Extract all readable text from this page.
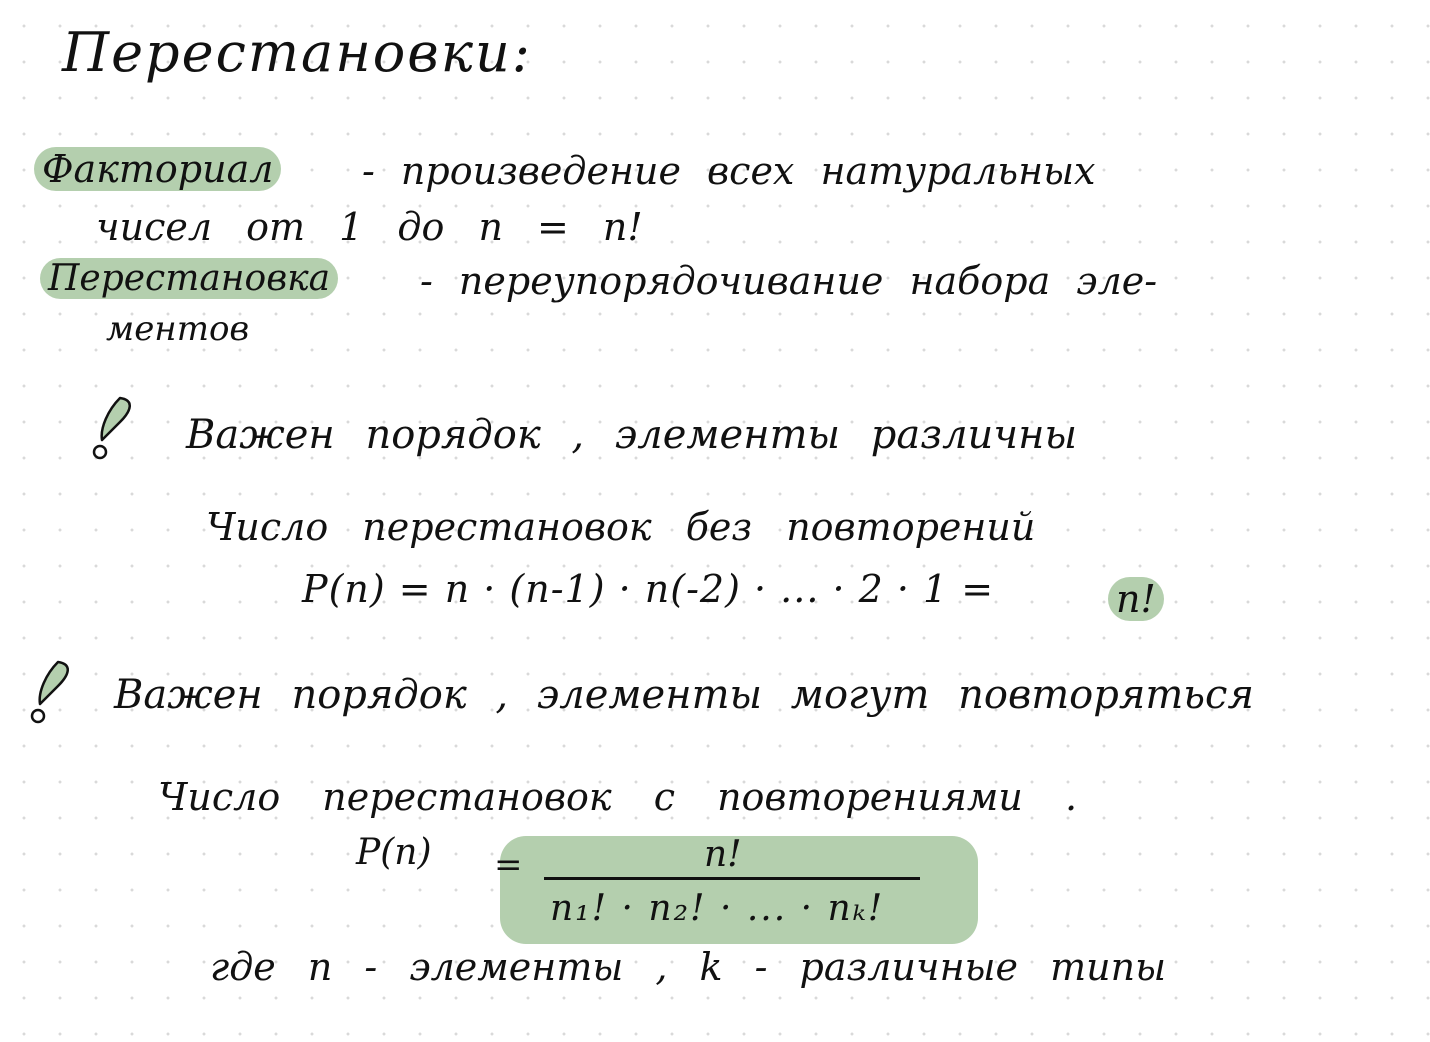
Перестановки:
Факториал - произведение всех натуральных
чисел от 1 до n = n!
Перестановка - переупорядочивание набора эле-
ментов
Важен порядок , элементы различны
Число перестановок без повторений
P(n) = n · (n-1) · n(-2) · ... · 2 · 1 =	n!
Важен порядок , элементы могут повторяться
Число перестановок с повторениями .
P(n) =	n!
n₁! · n₂! · ... · nₖ!
где n - элементы , k - различные типы
